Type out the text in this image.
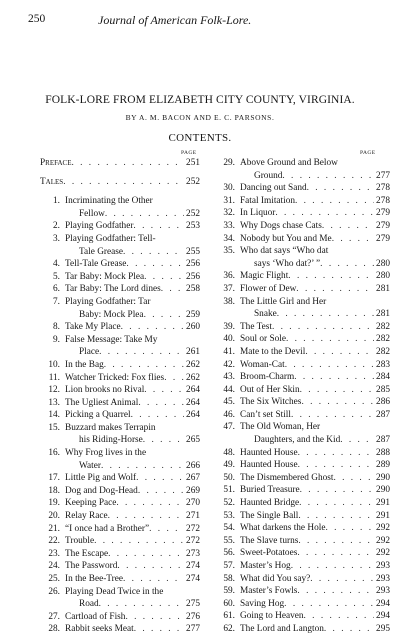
250	Journal of American Folk-Lore.
FOLK-LORE FROM ELIZABETH CITY COUNTY, VIRGINIA.
BY A. M. BACON AND E. C. PARSONS.
CONTENTS.
PAGE	PAGE
Preface . . .	251
Tales . . .	252
1. Incriminating the Other
Fellow . . .	252
2. Playing Godfather . . .	253
3. Playing Godfather: Tell-
Tale Grease . . .	255
4. Tell-Tale Grease . . .	256
5. Tar Baby: Mock Plea . . .	256
6. Tar Baby: The Lord dines . . .	258
7. Playing Godfather: Tar
Baby: Mock Plea . . .	259
8. Take My Place . . .	260
9. False Message: Take My
Place . . .	261
10. In the Bag . . .	262
11. Watcher Tricked: Fox flies . . . 262
12. Lion brooks no Rival . . .	264
13. The Ugliest Animal . . .	264
14. Picking a Quarrel . . .	264
15. Buzzard makes Terrapin
his Riding-Horse . . .	265
16. Why Frog lives in the
Water . . .	266
17. Little Pig and Wolf . . .	267
18. Dog and Dog-Head . . .	269
19. Keeping Pace . . .	270
20. Relay Race . . .	271
21. “I once had a Brother” . . .	272
22. Trouble . . .	272
23. The Escape . . .	273
24. The Password . . .	274
25. In the Bee-Tree . . .	274
26. Playing Dead Twice in the
Road . . .	275
27. Cartload of Fish . . .	276
28. Rabbit seeks Meat . . .	277
29. Above Ground and Below
Ground . . .	277
30. Dancing out Sand . . .	278
31. Fatal Imitation . . .	278
32. In Liquor . . .	279
33. Why Dogs chase Cats . . .	279
34. Nobody but You and Me . . .	279
35. Who dat says “Who dat
says ‘Who dat?’ ” . . .	280
36. Magic Flight . . .	280
37. Flower of Dew . . .	281
38. The Little Girl and Her
Snake . . .	281
39. The Test . . .	282
40. Soul or Sole . . .	282
41. Mate to the Devil . . .	282
42. Woman-Cat . . .	283
43. Broom-Charm . . .	284
44. Out of Her Skin . . .	285
45. The Six Witches . . .	286
46. Can’t set Still . . .	287
47. The Old Woman, Her
Daughters, and the Kid . . .	287
48. Haunted House . . .	288
49. Haunted House . . .	289
50. The Dismembered Ghost . . .	290
51. Buried Treasure . . .	290
52. Haunted Bridge . . .	291
53. The Single Ball . . .	291
54. What darkens the Hole . . .	292
55. The Slave turns . . .	292
56. Sweet-Potatoes . . .	292
57. Master’s Hog . . .	293
58. What did You say? . . .	293
59. Master’s Fowls . . .	293
60. Saving Hog . . .	294
61. Going to Heaven . . .	294
62. The Lord and Langton . . .	295
